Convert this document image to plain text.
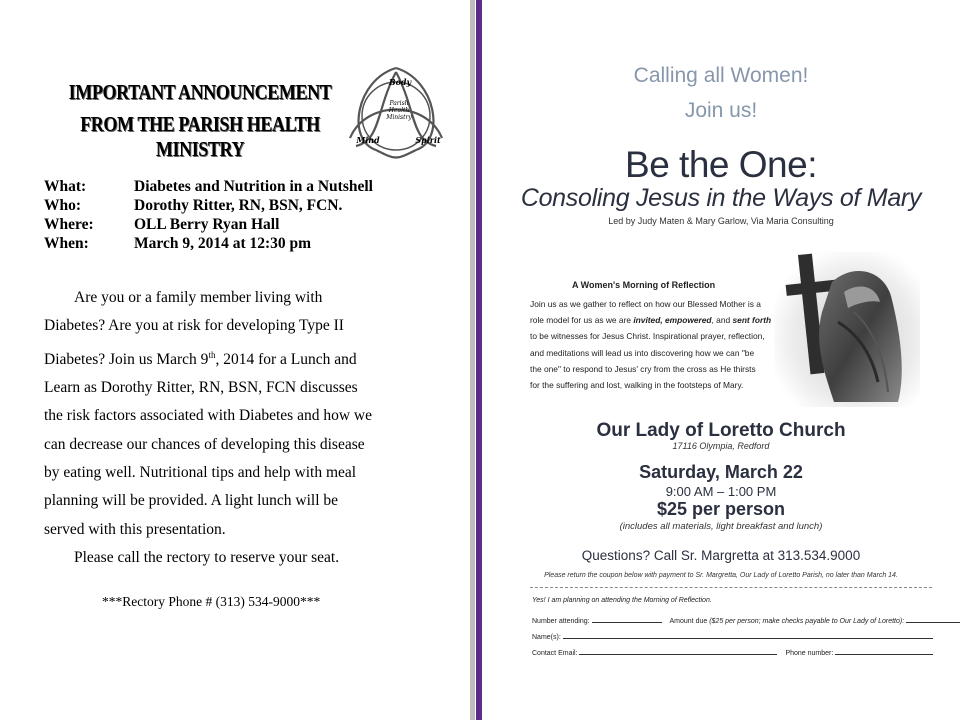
IMPORTANT ANNOUNCEMENT
FROM THE PARISH HEALTH MINISTRY
Body
Parish
Health
Ministry
Mind	Spirit
What:	Diabetes and Nutrition in a Nutshell
Who:	Dorothy Ritter, RN, BSN, FCN.
Where:	OLL Berry Ryan Hall
When:	March 9, 2014 at 12:30 pm
Are you or a family member living with
Diabetes? Are you at risk for developing Type II
Diabetes? Join us March 9th, 2014 for a Lunch and
Learn as Dorothy Ritter, RN, BSN, FCN discusses
the risk factors associated with Diabetes and how we
can decrease our chances of developing this disease
by eating well. Nutritional tips and help with meal
planning will be provided. A light lunch will be
served with this presentation.
Please call the rectory to reserve your seat.
***Rectory Phone # (313) 534-9000***
Calling all Women!
Join us!
Be the One:
Consoling Jesus in the Ways of Mary
Led by Judy Maten & Mary Garlow, Via Maria Consulting
A Women's Morning of Reflection
Join us as we gather to reflect on how our Blessed Mother is a
role model for us as we are invited, empowered, and sent forth
to be witnesses for Jesus Christ. Inspirational prayer, reflection,
and meditations will lead us into discovering how we can "be
the one" to respond to Jesus' cry from the cross as He thirsts
for the suffering and lost, walking in the footsteps of Mary.
Our Lady of Loretto Church
17116 Olympia, Redford
Saturday, March 22
9:00 AM – 1:00 PM
$25 per person
(includes all materials, light breakfast and lunch)
Questions? Call Sr. Margretta at 313.534.9000
Please return the coupon below with payment to Sr. Margretta, Our Lady of Loretto Parish, no later than March 14.
Yes! I am planning on attending the Morning of Reflection.
Number attending:	Amount due ($25 per person; make checks payable to Our Lady of Loretto):
Name(s):
Contact Email:	Phone number:
